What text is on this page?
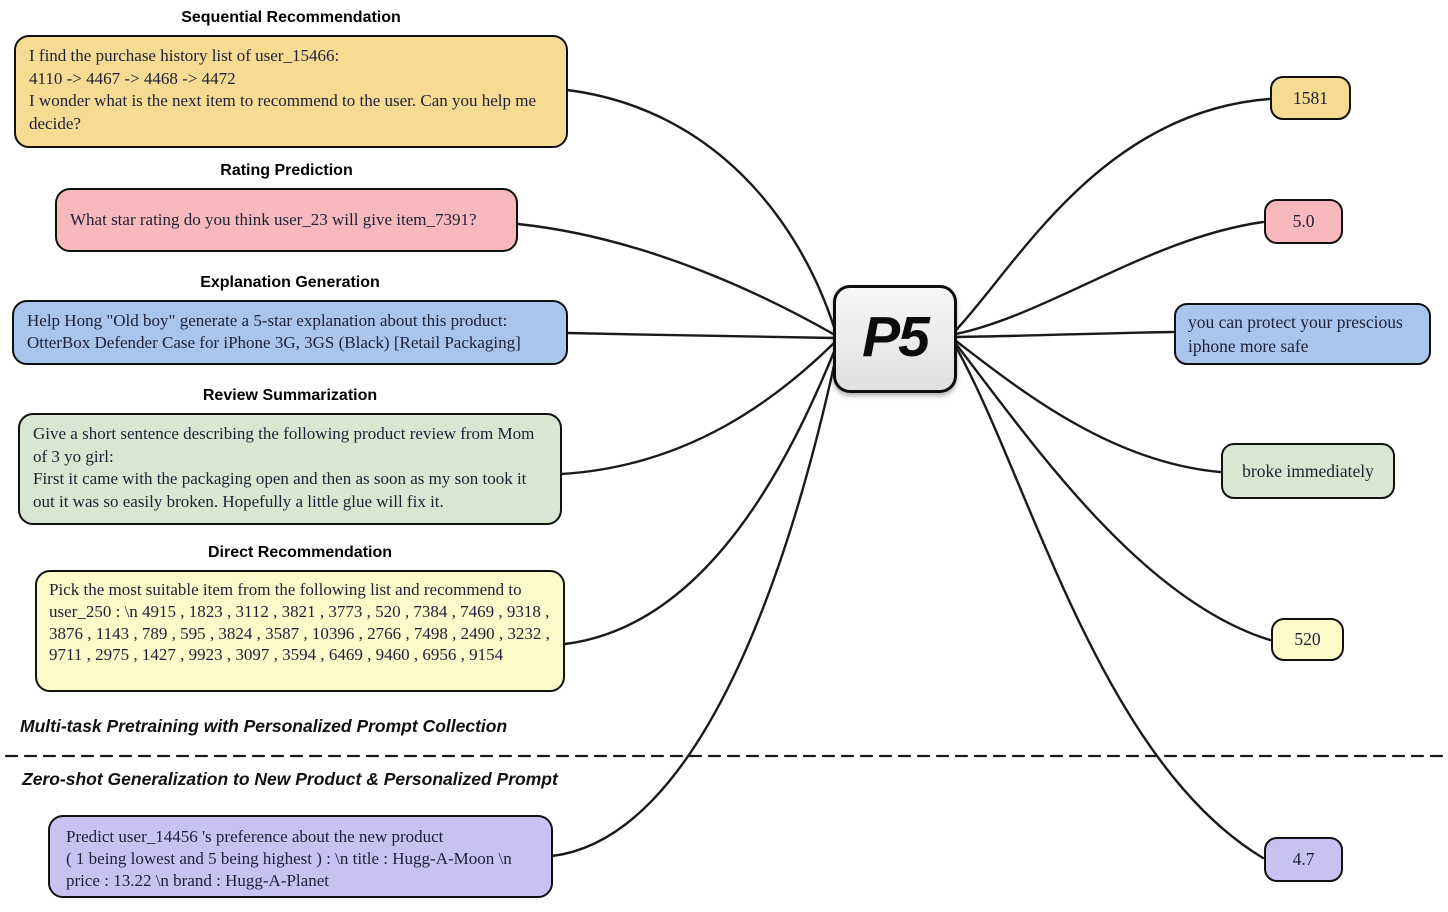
Sequential Recommendation
I find the purchase history list of user_15466:
4110 -> 4467 -> 4468 -> 4472
I wonder what is the next item to recommend to the user. Can you help me decide?
Rating Prediction
What star rating do you think user_23 will give item_7391?
Explanation Generation
Help Hong "Old boy" generate a 5-star explanation about this product:
OtterBox Defender Case for iPhone 3G, 3GS (Black) [Retail Packaging]
Review Summarization
Give a short sentence describing the following product review from Mom of 3 yo girl:
First it came with the packaging open and then as soon as my son took it out it was so easily broken. Hopefully a little glue will fix it.
Direct Recommendation
Pick the most suitable item from the following list and recommend to user_250 : \n 4915 , 1823 , 3112 , 3821 , 3773 , 520 , 7384 , 7469 , 9318 , 3876 , 1143 , 789 , 595 , 3824 , 3587 , 10396 , 2766 , 7498 , 2490 , 3232 , 9711 , 2975 , 1427 , 9923 , 3097 , 3594 , 6469 , 9460 , 6956 , 9154
Predict user_14456 's preference about the new product
( 1 being lowest and 5 being highest ) : \n title : Hugg-A-Moon \n price : 13.22 \n brand : Hugg-A-Planet
Multi-task Pretraining with Personalized Prompt Collection
Zero-shot Generalization to New Product & Personalized Prompt
P5
1581
5.0
you can protect your prescious iphone more safe
broke immediately
520
4.7
